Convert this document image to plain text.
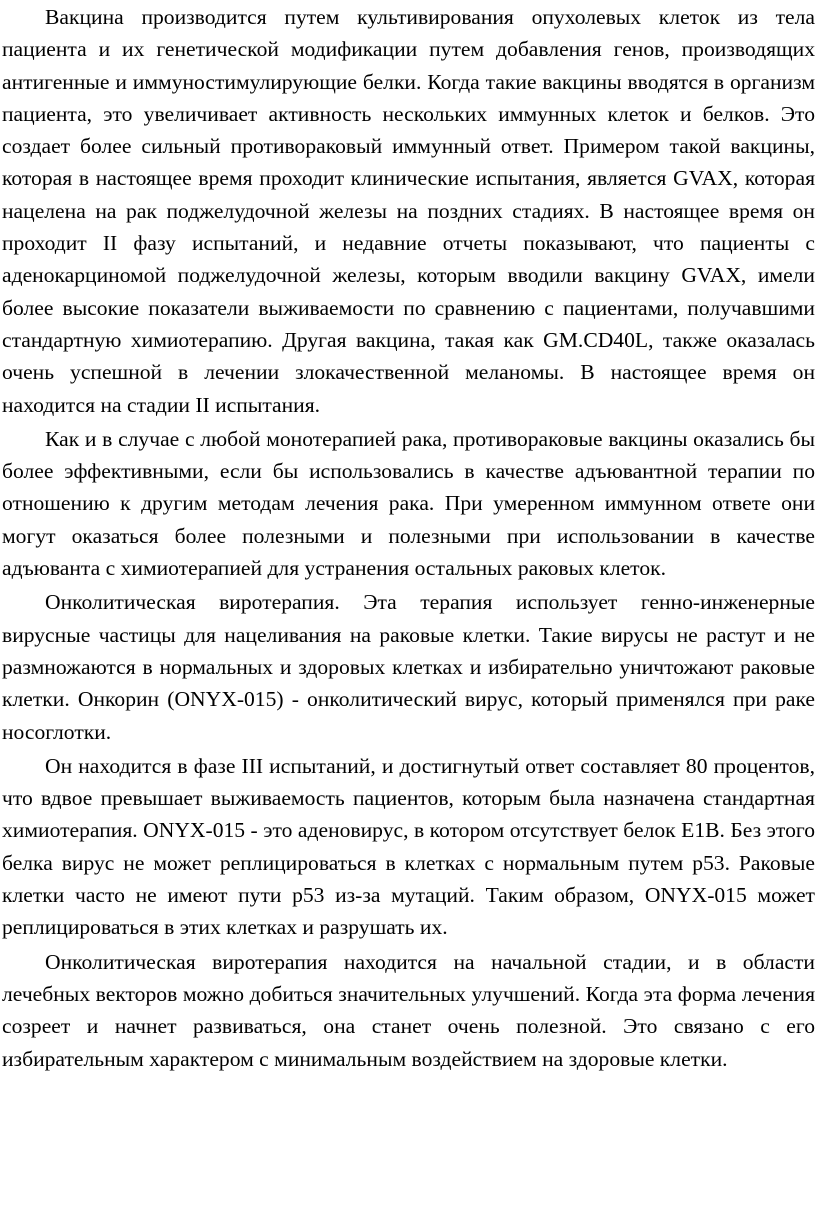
Вакцина производится путем культивирования опухолевых клеток из тела пациента и их генетической модификации путем добавления генов, производящих антигенные и иммуностимулирующие белки. Когда такие вакцины вводятся в организм пациента, это увеличивает активность нескольких иммунных клеток и белков. Это создает более сильный противораковый иммунный ответ. Примером такой вакцины, которая в настоящее время проходит клинические испытания, является GVAX, которая нацелена на рак поджелудочной железы на поздних стадиях. В настоящее время он проходит II фазу испытаний, и недавние отчеты показывают, что пациенты с аденокарциномой поджелудочной железы, которым вводили вакцину GVAX, имели более высокие показатели выживаемости по сравнению с пациентами, получавшими стандартную химиотерапию. Другая вакцина, такая как GM.CD40L, также оказалась очень успешной в лечении злокачественной меланомы. В настоящее время он находится на стадии II испытания.

Как и в случае с любой монотерапией рака, противораковые вакцины оказались бы более эффективными, если бы использовались в качестве адъювантной терапии по отношению к другим методам лечения рака. При умеренном иммунном ответе они могут оказаться более полезными и полезными при использовании в качестве адъюванта с химиотерапией для устранения остальных раковых клеток.

Онколитическая виротерапия. Эта терапия использует генно-инженерные вирусные частицы для нацеливания на раковые клетки. Такие вирусы не растут и не размножаются в нормальных и здоровых клетках и избирательно уничтожают раковые клетки. Онкорин (ONYX-015) - онколитический вирус, который применялся при раке носоглотки.

Он находится в фазе III испытаний, и достигнутый ответ составляет 80 процентов, что вдвое превышает выживаемость пациентов, которым была назначена стандартная химиотерапия. ONYX-015 - это аденовирус, в котором отсутствует белок E1B. Без этого белка вирус не может реплицироваться в клетках с нормальным путем p53. Раковые клетки часто не имеют пути p53 из-за мутаций. Таким образом, ONYX-015 может реплицироваться в этих клетках и разрушать их.

Онколитическая виротерапия находится на начальной стадии, и в области лечебных векторов можно добиться значительных улучшений. Когда эта форма лечения созреет и начнет развиваться, она станет очень полезной. Это связано с его избирательным характером с минимальным воздействием на здоровые клетки.
